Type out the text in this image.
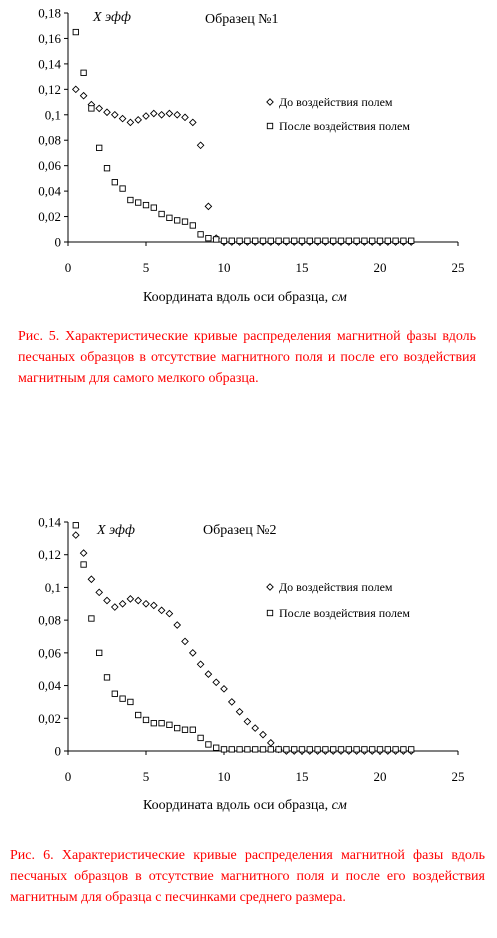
0
0,02
0,04
0,06
0,08
0,1
0,12
0,14
0,16
0,18
0	5	10	15	20	25
Χ эфф	Образец №1
До воздействия полем
После воздействия полем
Координата вдоль оси образца, см
Рис. 5. Характеристические кривые распределения магнитной фазы вдоль песчаных образцов в отсутствие магнитного поля и после его воздействия магнитным для самого мелкого образца.
0
0,02
0,04
0,06
0,08
0,1
0,12
0,14
0	5	10	15	20	25
Χ эфф	Образец №2
До воздействия полем
После воздействия полем
Координата вдоль оси образца, см
Рис. 6. Характеристические кривые распределения магнитной фазы вдоль песчаных образцов в отсутствие магнитного поля и после его воздействия магнитным для образца с песчинками среднего размера.
